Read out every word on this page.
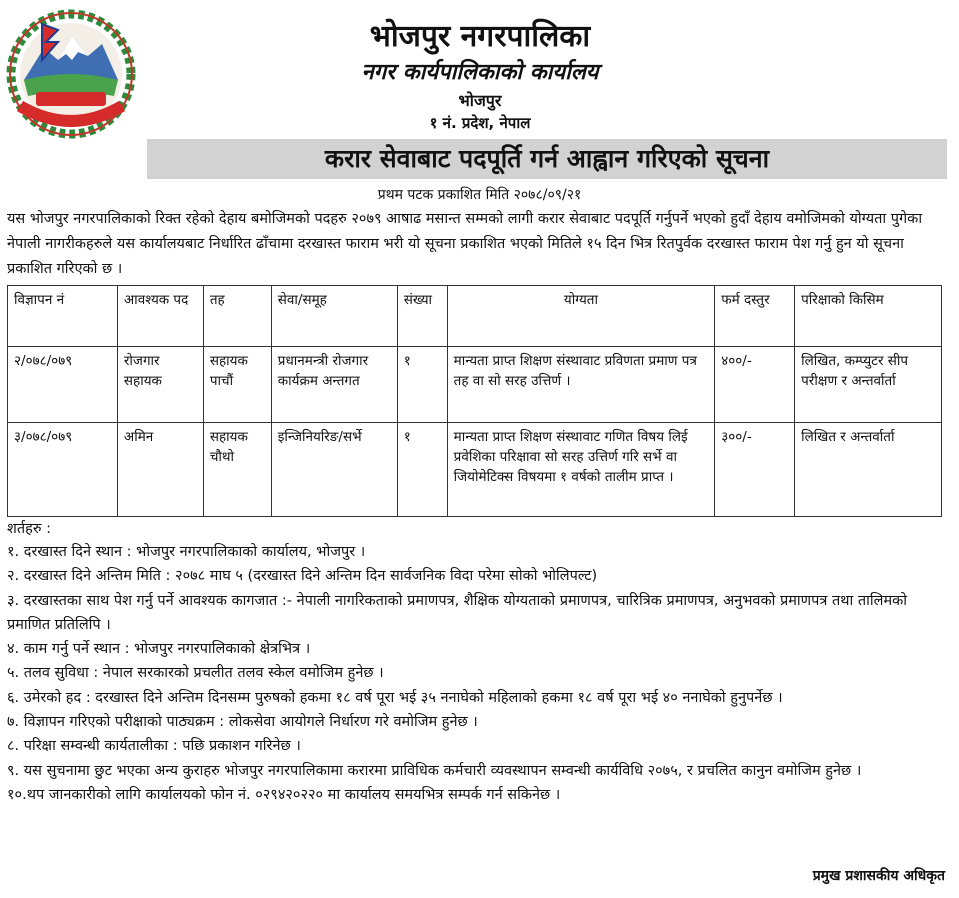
भोजपुर नगरपालिका
नगर कार्यपालिकाको कार्यालय
भोजपुर
१ नं. प्रदेश, नेपाल
करार सेवाबाट पदपूर्ति गर्न आह्वान गरिएको सूचना
प्रथम पटक प्रकाशित मिति २०७८/०९/२१
यस भोजपुर नगरपालिकाको रिक्त रहेको देहाय बमोजिमको पदहरु २०७९ आषाढ मसान्त सम्मको लागी करार सेवाबाट पदपूर्ति गर्नुपर्ने भएको हुदाँ देहाय वमोजिमको योग्यता पुगेका नेपाली नागरीकहरुले यस कार्यालयबाट निर्धारित ढाँचामा दरखास्त फाराम भरी यो सूचना प्रकाशित भएको मितिले १५ दिन भित्र रितपुर्वक दरखास्त फाराम पेश गर्नु हुन यो सूचना प्रकाशित गरिएको छ ।
विज्ञापन नं	आवश्यक पद	तह	सेवा/समूह	संख्या	योग्यता	फर्म दस्तुर	परिक्षाको किसिम
२/०७८/०७९	रोजगार सहायक	सहायक पाचौं	प्रधानमन्त्री रोजगार कार्यक्रम अन्तगत	१	मान्यता प्राप्त शिक्षण संस्थावाट प्रविणता प्रमाण पत्र तह वा सो सरह उत्तिर्ण ।	४००/-	लिखित, कम्प्युटर सीप परीक्षण र अन्तर्वार्ता
३/०७८/०७९	अमिन	सहायक चौथो	इन्जिनियरिङ/सर्भे	१	मान्यता प्राप्त शिक्षण संस्थावाट गणित विषय लिई प्रवेशिका परिक्षावा सो सरह उत्तिर्ण गरि सर्भे वा जियोमेटिक्स विषयमा १ वर्षको तालीम प्राप्त ।	३००/-	लिखित र अन्तर्वार्ता
शर्तहरु :
१. दरखास्त दिने स्थान : भोजपुर नगरपालिकाको कार्यालय, भोजपुर ।
२. दरखास्त दिने अन्तिम मिति : २०७८ माघ ५ (दरखास्त दिने अन्तिम दिन सार्वजनिक विदा परेमा सोको भोलिपल्ट)
३. दरखास्तका साथ पेश गर्नु पर्ने आवश्यक कागजात :- नेपाली नागरिकताको प्रमाणपत्र, शैक्षिक योग्यताको प्रमाणपत्र, चारित्रिक प्रमाणपत्र, अनुभवको प्रमाणपत्र तथा तालिमको प्रमाणित प्रतिलिपि ।
४. काम गर्नु पर्ने स्थान : भोजपुर नगरपालिकाको क्षेत्रभित्र ।
५. तलव सुविधा : नेपाल सरकारको प्रचलीत तलव स्केल वमोजिम हुनेछ ।
६. उमेरको हद : दरखास्त दिने अन्तिम दिनसम्म पुरुषको हकमा १८ वर्ष पूरा भई ३५ ननाघेको महिलाको हकमा १८ वर्ष पूरा भई ४० ननाघेको हुनुपर्नेछ ।
७. विज्ञापन गरिएको परीक्षाको पाठ्यक्रम : लोकसेवा आयोगले निर्धारण गरे वमोजिम हुनेछ ।
८. परिक्षा सम्वन्धी कार्यतालीका : पछि प्रकाशन गरिनेछ ।
९. यस सुचनामा छुट भएका अन्य कुराहरु भोजपुर नगरपालिकामा करारमा प्राविधिक कर्मचारी व्यवस्थापन सम्वन्धी कार्यविधि २०७५, र प्रचलित कानुन वमोजिम हुनेछ ।
१०.थप जानकारीको लागि कार्यालयको फोन नं. ०२९४२०२२० मा कार्यालय समयभित्र सम्पर्क गर्न सकिनेछ ।
प्रमुख प्रशासकीय अधिकृत
